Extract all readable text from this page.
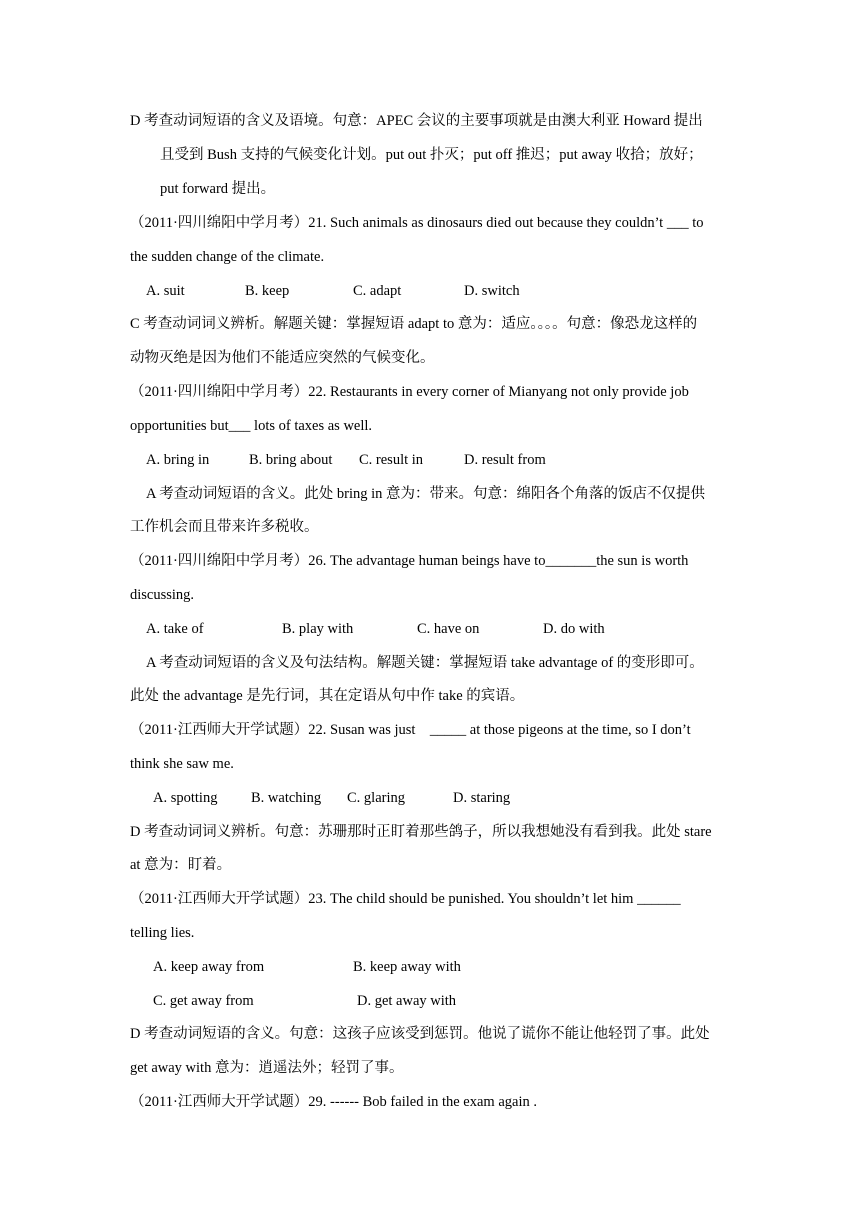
D 考查动词短语的含义及语境。句意：APEC 会议的主要事项就是由澳大利亚 Howard 提出
且受到 Bush 支持的气候变化计划。put out 扑灭；put off 推迟；put away 收拾；放好；
put forward 提出。
（2011·四川绵阳中学月考）21. Such animals as dinosaurs died out because they couldn’t ___ to
the sudden change of the climate.
A. suit	B. keep	C. adapt	D. switch
C 考查动词词义辨析。解题关键：掌握短语 adapt to 意为：适应。。。。句意：像恐龙这样的
动物灭绝是因为他们不能适应突然的气候变化。
（2011·四川绵阳中学月考）22. Restaurants in every corner of Mianyang not only provide job
opportunities but___ lots of taxes as well.
A. bring in	B. bring about C. result in	D. result from
A 考查动词短语的含义。此处 bring in 意为：带来。句意：绵阳各个角落的饭店不仅提供
工作机会而且带来许多税收。
（2011·四川绵阳中学月考）26. The advantage human beings have to_______the sun is worth
discussing.
A. take of	B. play with	C. have on	D. do with
A 考查动词短语的含义及句法结构。解题关键：掌握短语 take advantage of 的变形即可。
此处 the advantage 是先行词，其在定语从句中作 take 的宾语。
（2011·江西师大开学试题）22. Susan was just    _____ at those pigeons at the time, so I don’t
think she saw me.
A. spotting B. watching C. glaring	D. staring
D 考查动词词义辨析。句意：苏珊那时正盯着那些鸽子，所以我想她没有看到我。此处 stare
at 意为：盯着。
（2011·江西师大开学试题）23. The child should be punished. You shouldn’t let him ______
telling lies.
A. keep away from	B. keep away with
C. get away from	D. get away with
D 考查动词短语的含义。句意：这孩子应该受到惩罚。他说了谎你不能让他轻罚了事。此处
get away with 意为：逍遥法外；轻罚了事。
（2011·江西师大开学试题）29. ------ Bob failed in the exam again .
